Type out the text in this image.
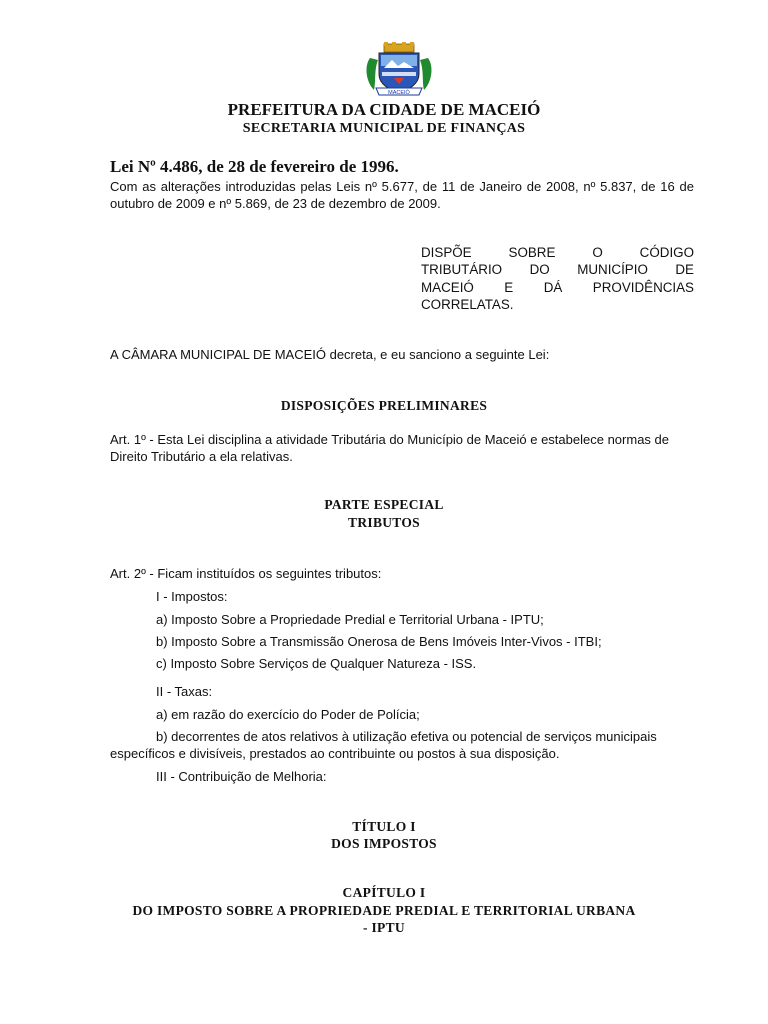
MACEIÓ
PREFEITURA DA CIDADE DE MACEIÓ
SECRETARIA MUNICIPAL DE FINANÇAS
Lei Nº 4.486, de 28 de fevereiro de 1996.
Com as alterações introduzidas pelas Leis nº 5.677, de 11 de Janeiro de 2008, nº 5.837, de 16 de outubro de 2009 e nº 5.869, de 23 de dezembro de 2009.
DISPÕE SOBRE O CÓDIGO
TRIBUTÁRIO DO MUNICÍPIO DE
MACEIÓ E DÁ PROVIDÊNCIAS
CORRELATAS.
A CÂMARA MUNICIPAL DE MACEIÓ decreta, e eu sanciono a seguinte Lei:
DISPOSIÇÕES PRELIMINARES
Art. 1º - Esta Lei disciplina a atividade Tributária do Município de Maceió e estabelece normas de Direito Tributário a ela relativas.
PARTE ESPECIAL
TRIBUTOS
Art. 2º - Ficam instituídos os seguintes tributos:
I - Impostos:
a) Imposto Sobre a Propriedade Predial e Territorial Urbana - IPTU;
b) Imposto Sobre a Transmissão Onerosa de Bens Imóveis Inter-Vivos - ITBI;
c) Imposto Sobre Serviços de Qualquer Natureza - ISS.
II - Taxas:
a) em razão do exercício do Poder de Polícia;
b) decorrentes de atos relativos à utilização efetiva ou potencial de serviços municipais
específicos e divisíveis, prestados ao contribuinte ou postos à sua disposição.
III - Contribuição de Melhoria:
TÍTULO I
DOS IMPOSTOS
CAPÍTULO I
DO IMPOSTO SOBRE A PROPRIEDADE PREDIAL E TERRITORIAL URBANA
- IPTU
